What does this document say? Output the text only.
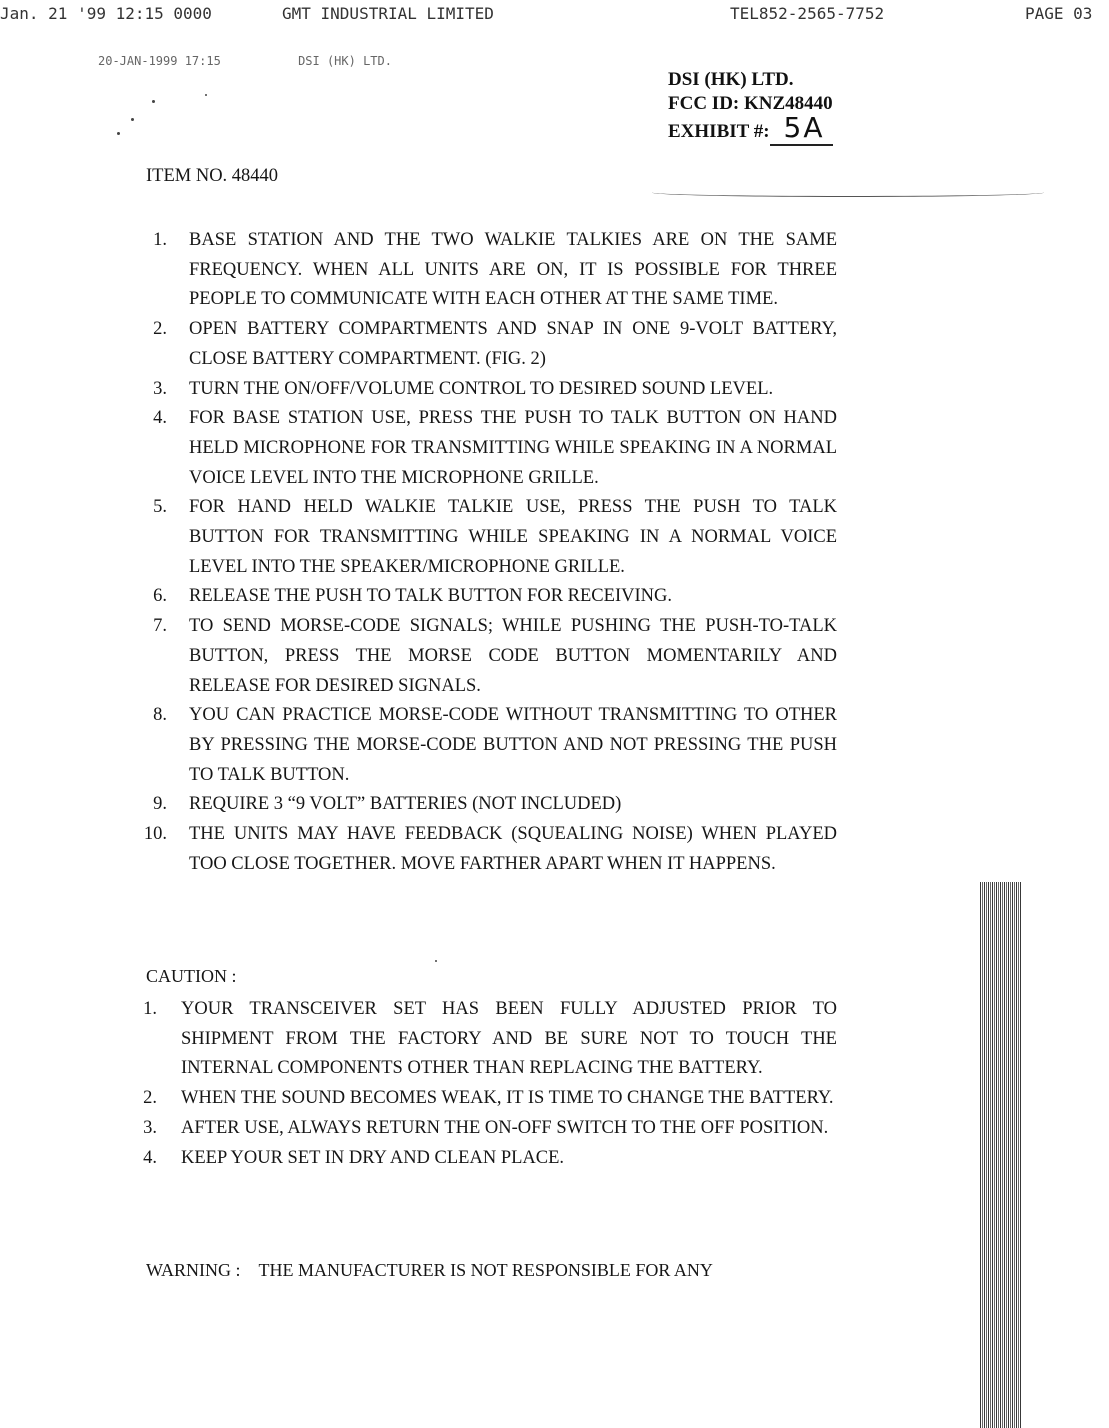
Jan. 21 '99 12:15 0000	GMT INDUSTRIAL LIMITED	TEL852-2565-7752	PAGE 03
20-JAN-1999 17:15	DSI (HK) LTD.
DSI (HK) LTD.
FCC ID: KNZ48440
EXHIBIT #: 5A
ITEM NO. 48440
1. BASE STATION AND THE TWO WALKIE TALKIES ARE ON THE SAME FREQUENCY. WHEN ALL UNITS ARE ON, IT IS POSSIBLE FOR THREE PEOPLE TO COMMUNICATE WITH EACH OTHER AT THE SAME TIME.
2. OPEN BATTERY COMPARTMENTS AND SNAP IN ONE 9-VOLT BATTERY, CLOSE BATTERY COMPARTMENT. (FIG. 2)
3. TURN THE ON/OFF/VOLUME CONTROL TO DESIRED SOUND LEVEL.
4. FOR BASE STATION USE, PRESS THE PUSH TO TALK BUTTON ON HAND HELD MICROPHONE FOR TRANSMITTING WHILE SPEAKING IN A NORMAL VOICE LEVEL INTO THE MICROPHONE GRILLE.
5. FOR HAND HELD WALKIE TALKIE USE, PRESS THE PUSH TO TALK BUTTON FOR TRANSMITTING WHILE SPEAKING IN A NORMAL VOICE LEVEL INTO THE SPEAKER/MICROPHONE GRILLE.
6. RELEASE THE PUSH TO TALK BUTTON FOR RECEIVING.
7. TO SEND MORSE-CODE SIGNALS; WHILE PUSHING THE PUSH-TO-TALK BUTTON, PRESS THE MORSE CODE BUTTON MOMENTARILY AND RELEASE FOR DESIRED SIGNALS.
8. YOU CAN PRACTICE MORSE-CODE WITHOUT TRANSMITTING TO OTHER BY PRESSING THE MORSE-CODE BUTTON AND NOT PRESSING THE PUSH TO TALK BUTTON.
9. REQUIRE 3 “9 VOLT” BATTERIES (NOT INCLUDED)
10. THE UNITS MAY HAVE FEEDBACK (SQUEALING NOISE) WHEN PLAYED TOO CLOSE TOGETHER. MOVE FARTHER APART WHEN IT HAPPENS.
CAUTION :
1. YOUR TRANSCEIVER SET HAS BEEN FULLY ADJUSTED PRIOR TO SHIPMENT FROM THE FACTORY AND BE SURE NOT TO TOUCH THE INTERNAL COMPONENTS OTHER THAN REPLACING THE BATTERY.
2. WHEN THE SOUND BECOMES WEAK, IT IS TIME TO CHANGE THE BATTERY.
3. AFTER USE, ALWAYS RETURN THE ON-OFF SWITCH TO THE OFF POSITION.
4. KEEP YOUR SET IN DRY AND CLEAN PLACE.
WARNING : THE MANUFACTURER IS NOT RESPONSIBLE FOR ANY
